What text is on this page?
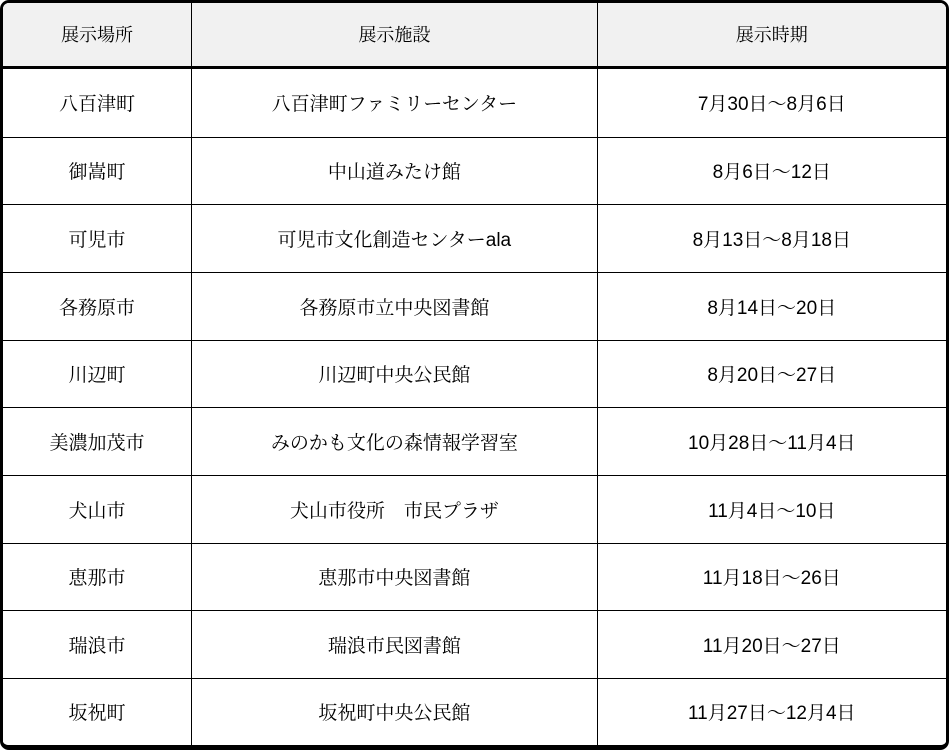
展示場所	展示施設	展示時期
八百津町	八百津町ファミリーセンター	7月30日〜8月6日
御嵩町	中山道みたけ館	8月6日〜12日
可児市	可児市文化創造センターala	8月13日〜8月18日
各務原市	各務原市立中央図書館	8月14日〜20日
川辺町	川辺町中央公民館	8月20日〜27日
美濃加茂市	みのかも文化の森情報学習室	10月28日〜11月4日
犬山市	犬山市役所　市民プラザ	11月4日〜10日
恵那市	恵那市中央図書館	11月18日〜26日
瑞浪市	瑞浪市民図書館	11月20日〜27日
坂祝町	坂祝町中央公民館	11月27日〜12月4日
